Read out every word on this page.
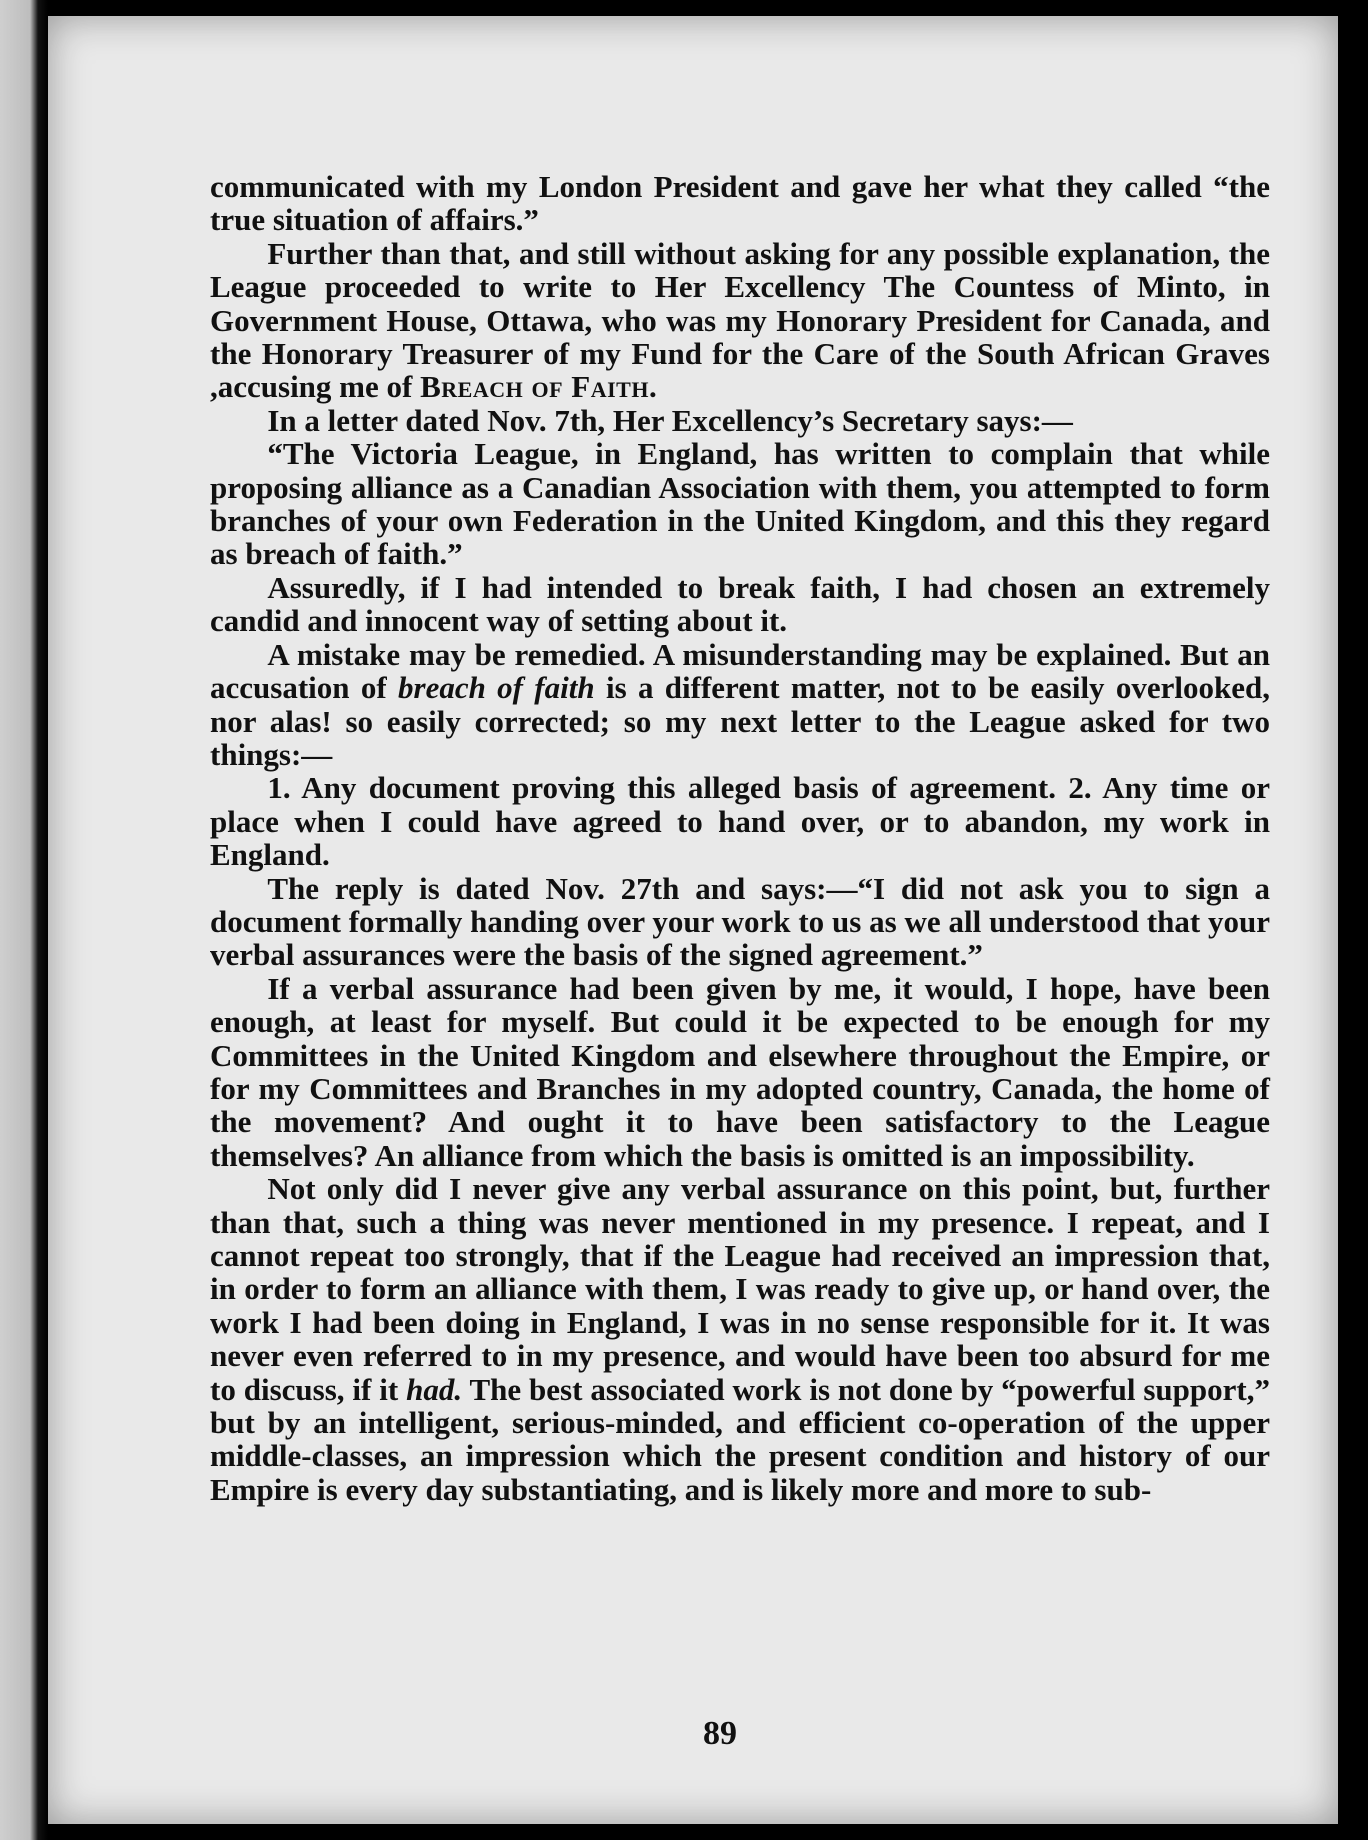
communicated with my London President and gave her what they called “the true situation of affairs.”

Further than that, and still without asking for any possible explanation, the League proceeded to write to Her Excellency The Countess of Minto, in Government House, Ottawa, who was my Honorary President for Canada, and the Honorary Treasurer of my Fund for the Care of the South African Graves ,accusing me of Breach of Faith.

In a letter dated Nov. 7th, Her Excellency’s Secretary says:—

“The Victoria League, in England, has written to complain that while proposing alliance as a Canadian Association with them, you attempted to form branches of your own Federation in the United Kingdom, and this they regard as breach of faith.”

Assuredly, if I had intended to break faith, I had chosen an extremely candid and innocent way of setting about it.

A mistake may be remedied. A misunderstanding may be explained. But an accusation of breach of faith is a different matter, not to be easily overlooked, nor alas! so easily corrected; so my next letter to the League asked for two things:—

1. Any document proving this alleged basis of agreement. 2. Any time or place when I could have agreed to hand over, or to abandon, my work in England.

The reply is dated Nov. 27th and says:—“I did not ask you to sign a document formally handing over your work to us as we all understood that your verbal assurances were the basis of the signed agreement.”

If a verbal assurance had been given by me, it would, I hope, have been enough, at least for myself. But could it be expected to be enough for my Committees in the United Kingdom and elsewhere throughout the Empire, or for my Committees and Branches in my adopted country, Canada, the home of the movement? And ought it to have been satisfactory to the League themselves? An alliance from which the basis is omitted is an impossibility.

Not only did I never give any verbal assurance on this point, but, further than that, such a thing was never mentioned in my presence. I repeat, and I cannot repeat too strongly, that if the League had received an impression that, in order to form an alliance with them, I was ready to give up, or hand over, the work I had been doing in England, I was in no sense responsible for it. It was never even referred to in my presence, and would have been too absurd for me to discuss, if it had. The best associated work is not done by “powerful support,” but by an intelligent, serious-minded, and efficient co-operation of the upper middle-classes, an impression which the present condition and history of our Empire is every day substantiating, and is likely more and more to sub-

89
